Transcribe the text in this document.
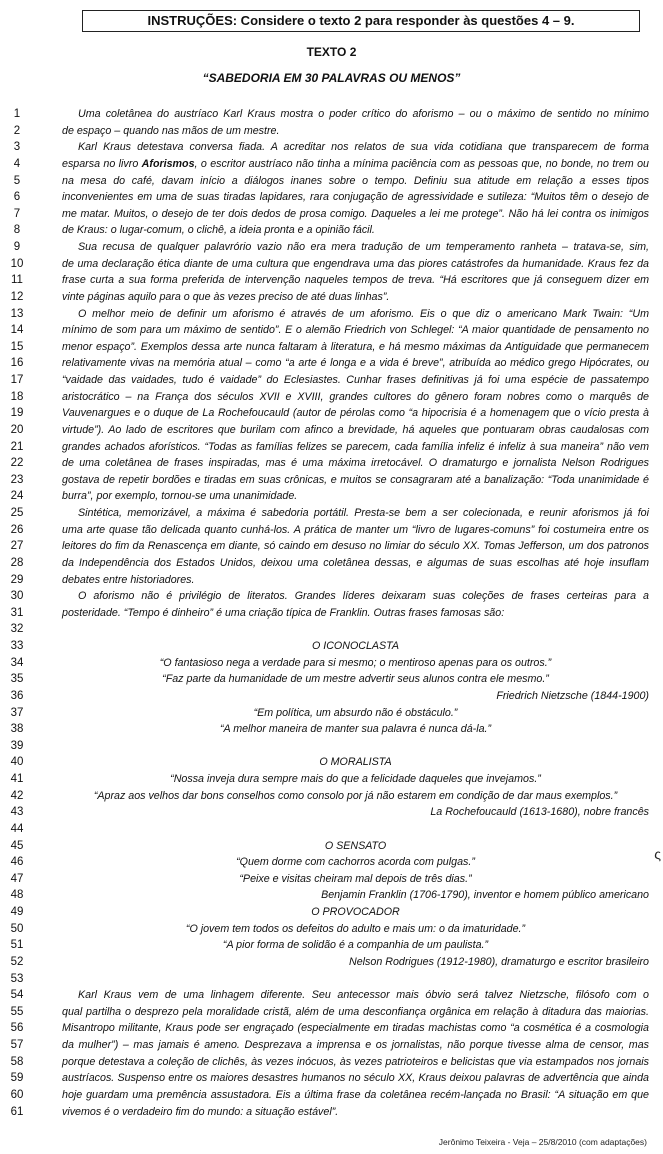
INSTRUÇÕES: Considere o texto 2 para responder às questões 4 – 9.
TEXTO 2
“SABEDORIA EM 30 PALAVRAS OU MENOS”
1	Uma coletânea do austríaco Karl Kraus mostra o poder crítico do aforismo – ou o máximo de sentido no mínimo
2	de espaço – quando nas mãos de um mestre.
3	Karl Kraus detestava conversa fiada. A acreditar nos relatos de sua vida cotidiana que transparecem de forma
4	esparsa no livro Aforismos, o escritor austríaco não tinha a mínima paciência com as pessoas que, no bonde, no trem ou
5	na mesa do café, davam início a diálogos inanes sobre o tempo. Definiu sua atitude em relação a esses tipos
6	inconvenientes em uma de suas tiradas lapidares, rara conjugação de agressividade e sutileza: “Muitos têm o desejo de
7	me matar. Muitos, o desejo de ter dois dedos de prosa comigo. Daqueles a lei me protege”. Não há lei contra os inimigos
8	de Kraus: o lugar-comum, o clichê, a ideia pronta e a opinião fácil.
9	Sua recusa de qualquer palavrório vazio não era mera tradução de um temperamento ranheta – tratava-se, sim,
10	de uma declaração ética diante de uma cultura que engendrava uma das piores catástrofes da humanidade. Kraus fez da
11	frase curta a sua forma preferida de intervenção naqueles tempos de treva. “Há escritores que já conseguem dizer em
12	vinte páginas aquilo para o que às vezes preciso de até duas linhas”.
13	O melhor meio de definir um aforismo é através de um aforismo. Eis o que diz o americano Mark Twain: “Um
14	mínimo de som para um máximo de sentido”. E o alemão Friedrich von Schlegel: “A maior quantidade de pensamento no
15	menor espaço”. Exemplos dessa arte nunca faltaram à literatura, e há mesmo máximas da Antiguidade que permanecem
16	relativamente vivas na memória atual – como “a arte é longa e a vida é breve”, atribuída ao médico grego Hipócrates, ou
17	“vaidade das vaidades, tudo é vaidade” do Eclesiastes. Cunhar frases definitivas já foi uma espécie de passatempo
18	aristocrático – na França dos séculos XVII e XVIII, grandes cultores do gênero foram nobres como o marquês de
19	Vauvenargues e o duque de La Rochefoucauld (autor de pérolas como “a hipocrisia é a homenagem que o vício presta à
20	virtude”). Ao lado de escritores que burilam com afinco a brevidade, há aqueles que pontuaram obras caudalosas com
21	grandes achados aforísticos. “Todas as famílias felizes se parecem, cada família infeliz é infeliz à sua maneira” não vem
22	de uma coletânea de frases inspiradas, mas é uma máxima irretocável. O dramaturgo e jornalista Nelson Rodrigues
23	gostava de repetir bordões e tiradas em suas crônicas, e muitos se consagraram até a banalização: “Toda unanimidade é
24	burra”, por exemplo, tornou-se uma unanimidade.
25	Sintética, memorizável, a máxima é sabedoria portátil. Presta-se bem a ser colecionada, e reunir aforismos já foi
26	uma arte quase tão delicada quanto cunhá-los. A prática de manter um “livro de lugares-comuns” foi costumeira entre os
27	leitores do fim da Renascença em diante, só caindo em desuso no limiar do século XX. Tomas Jefferson, um dos patronos
28	da Independência dos Estados Unidos, deixou uma coletânea dessas, e algumas de suas escolhas até hoje insuflam
29	debates entre historiadores.
30	O aforismo não é privilégio de literatos. Grandes líderes deixaram suas coleções de frases certeiras para a
31	posteridade. “Tempo é dinheiro” é uma criação típica de Franklin. Outras frases famosas são:
32
33	O ICONOCLASTA
34	“O fantasioso nega a verdade para si mesmo; o mentiroso apenas para os outros.”
35	“Faz parte da humanidade de um mestre advertir seus alunos contra ele mesmo.”
36	Friedrich Nietzsche (1844-1900)
37	“Em política, um absurdo não é obstáculo.”
38	“A melhor maneira de manter sua palavra é nunca dá-la.”
39
40	O MORALISTA
41	“Nossa inveja dura sempre mais do que a felicidade daqueles que invejamos.”
42	“Apraz aos velhos dar bons conselhos como consolo por já não estarem em condição de dar maus exemplos.”
43	La Rochefoucauld (1613-1680), nobre francês
44
45	O SENSATO
46	“Quem dorme com cachorros acorda com pulgas.”
47	“Peixe e visitas cheiram mal depois de três dias.”
48	Benjamin Franklin (1706-1790), inventor e homem público americano
49	O PROVOCADOR
50	“O jovem tem todos os defeitos do adulto e mais um: o da imaturidade.”
51	“A pior forma de solidão é a companhia de um paulista.”
52	Nelson Rodrigues (1912-1980), dramaturgo e escritor brasileiro
53
54	Karl Kraus vem de uma linhagem diferente. Seu antecessor mais óbvio será talvez Nietzsche, filósofo com o
55	qual partilha o desprezo pela moralidade cristã, além de uma desconfiança orgânica em relação à ditadura das maiorias.
56	Misantropo militante, Kraus pode ser engraçado (especialmente em tiradas machistas como “a cosmética é a cosmologia
57	da mulher”) – mas jamais é ameno. Desprezava a imprensa e os jornalistas, não porque tivesse alma de censor, mas
58	porque detestava a coleção de clichês, às vezes inócuos, às vezes patrioteiros e belicistas que via estampados nos jornais
59	austríacos. Suspenso entre os maiores desastres humanos no século XX, Kraus deixou palavras de advertência que ainda
60	hoje guardam uma premência assustadora. Eis a última frase da coletânea recém-lançada no Brasil: “A situação em que
61	vivemos é o verdadeiro fim do mundo: a situação estável”.
Jerônimo Teixeira - Veja – 25/8/2010 (com adaptações)
ς
